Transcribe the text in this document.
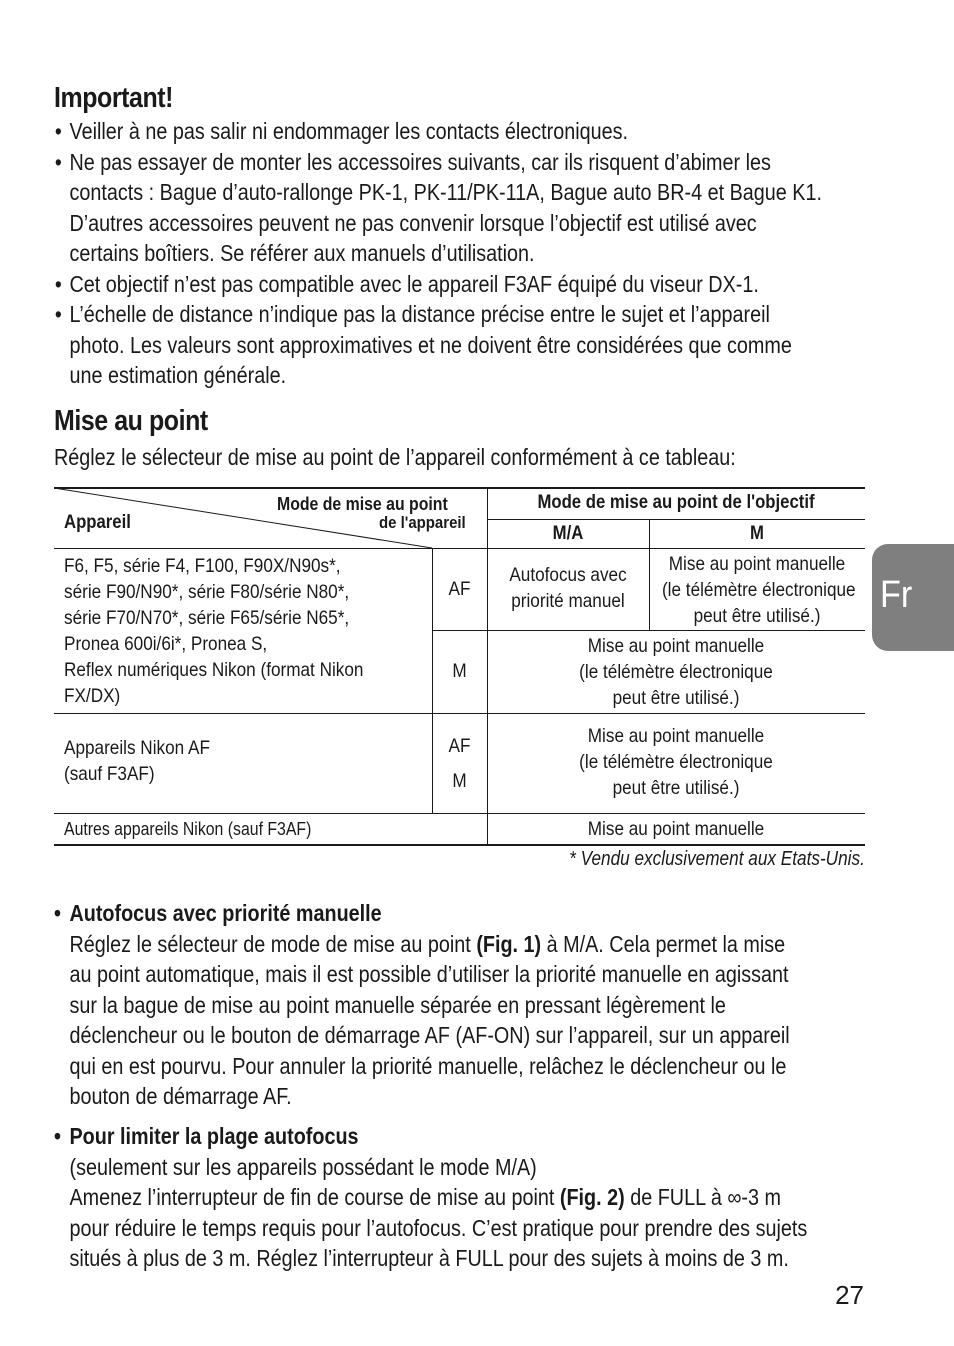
Important!
• Veiller à ne pas salir ni endommager les contacts électroniques.
• Ne pas essayer de monter les accessoires suivants, car ils risquent d’abimer les
contacts : Bague d’auto-rallonge PK-1, PK-11/PK-11A, Bague auto BR-4 et Bague K1.
D’autres accessoires peuvent ne pas convenir lorsque l’objectif est utilisé avec
certains boîtiers. Se référer aux manuels d’utilisation.
• Cet objectif n’est pas compatible avec le appareil F3AF équipé du viseur DX-1.
• L’échelle de distance n’indique pas la distance précise entre le sujet et l’appareil
photo. Les valeurs sont approximatives et ne doivent être considérées que comme
une estimation générale.
Mise au point
Réglez le sélecteur de mise au point de l’appareil conformément à ce tableau:
Mode de mise au point
de l'appareil
Appareil
Mode de mise au point de l'objectif
M/A	M
F6, F5, série F4, F100, F90X/N90s*,
série F90/N90*, série F80/série N80*,
série F70/N70*, série F65/série N65*,
Pronea 600i/6i*, Pronea S,
Reflex numériques Nikon (format Nikon
FX/DX)
AF
Autofocus avec
priorité manuel
Mise au point manuelle
(le télémètre électronique
peut être utilisé.)
M
Mise au point manuelle
(le télémètre électronique
peut être utilisé.)
Appareils Nikon AF
(sauf F3AF)
AF
M
Mise au point manuelle
(le télémètre électronique
peut être utilisé.)
Autres appareils Nikon (sauf F3AF)	Mise au point manuelle
* Vendu exclusivement aux Etats-Unis.
• Autofocus avec priorité manuelle
Réglez le sélecteur de mode de mise au point (Fig. 1) à M/A. Cela permet la mise
au point automatique, mais il est possible d’utiliser la priorité manuelle en agissant
sur la bague de mise au point manuelle séparée en pressant légèrement le
déclencheur ou le bouton de démarrage AF (AF-ON) sur l’appareil, sur un appareil
qui en est pourvu. Pour annuler la priorité manuelle, relâchez le déclencheur ou le
bouton de démarrage AF.
• Pour limiter la plage autofocus
(seulement sur les appareils possédant le mode M/A)
Amenez l’interrupteur de fin de course de mise au point (Fig. 2) de FULL à ∞-3 m
pour réduire le temps requis pour l’autofocus. C’est pratique pour prendre des sujets
situés à plus de 3 m. Réglez l’interrupteur à FULL pour des sujets à moins de 3 m.
27
Fr
